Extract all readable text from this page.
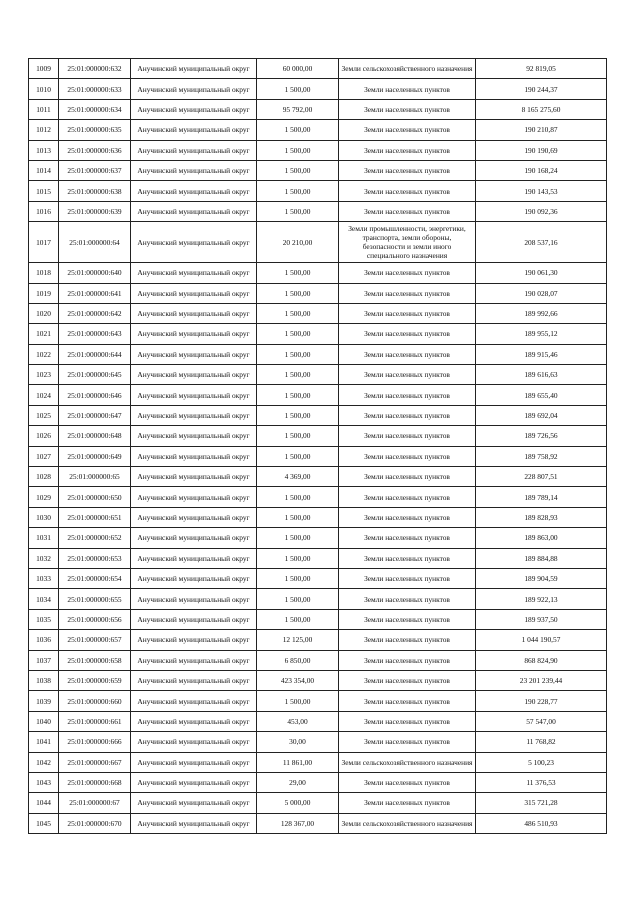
1009	25:01:000000:632	Анучинский муниципальный округ	60 000,00	Земли сельскохозяйственного назначения	92 819,05
1010	25:01:000000:633	Анучинский муниципальный округ	1 500,00	Земли населенных пунктов	190 244,37
1011	25:01:000000:634	Анучинский муниципальный округ	95 792,00	Земли населенных пунктов	8 165 275,60
1012	25:01:000000:635	Анучинский муниципальный округ	1 500,00	Земли населенных пунктов	190 210,87
1013	25:01:000000:636	Анучинский муниципальный округ	1 500,00	Земли населенных пунктов	190 190,69
1014	25:01:000000:637	Анучинский муниципальный округ	1 500,00	Земли населенных пунктов	190 168,24
1015	25:01:000000:638	Анучинский муниципальный округ	1 500,00	Земли населенных пунктов	190 143,53
1016	25:01:000000:639	Анучинский муниципальный округ	1 500,00	Земли населенных пунктов	190 092,36
1017	25:01:000000:64	Анучинский муниципальный округ	20 210,00	Земли промышленности, энергетики, транспорта, земли обороны, безопасности и земли иного специального назначения	208 537,16
1018	25:01:000000:640	Анучинский муниципальный округ	1 500,00	Земли населенных пунктов	190 061,30
1019	25:01:000000:641	Анучинский муниципальный округ	1 500,00	Земли населенных пунктов	190 028,07
1020	25:01:000000:642	Анучинский муниципальный округ	1 500,00	Земли населенных пунктов	189 992,66
1021	25:01:000000:643	Анучинский муниципальный округ	1 500,00	Земли населенных пунктов	189 955,12
1022	25:01:000000:644	Анучинский муниципальный округ	1 500,00	Земли населенных пунктов	189 915,46
1023	25:01:000000:645	Анучинский муниципальный округ	1 500,00	Земли населенных пунктов	189 616,63
1024	25:01:000000:646	Анучинский муниципальный округ	1 500,00	Земли населенных пунктов	189 655,40
1025	25:01:000000:647	Анучинский муниципальный округ	1 500,00	Земли населенных пунктов	189 692,04
1026	25:01:000000:648	Анучинский муниципальный округ	1 500,00	Земли населенных пунктов	189 726,56
1027	25:01:000000:649	Анучинский муниципальный округ	1 500,00	Земли населенных пунктов	189 758,92
1028	25:01:000000:65	Анучинский муниципальный округ	4 369,00	Земли населенных пунктов	228 807,51
1029	25:01:000000:650	Анучинский муниципальный округ	1 500,00	Земли населенных пунктов	189 789,14
1030	25:01:000000:651	Анучинский муниципальный округ	1 500,00	Земли населенных пунктов	189 828,93
1031	25:01:000000:652	Анучинский муниципальный округ	1 500,00	Земли населенных пунктов	189 863,00
1032	25:01:000000:653	Анучинский муниципальный округ	1 500,00	Земли населенных пунктов	189 884,88
1033	25:01:000000:654	Анучинский муниципальный округ	1 500,00	Земли населенных пунктов	189 904,59
1034	25:01:000000:655	Анучинский муниципальный округ	1 500,00	Земли населенных пунктов	189 922,13
1035	25:01:000000:656	Анучинский муниципальный округ	1 500,00	Земли населенных пунктов	189 937,50
1036	25:01:000000:657	Анучинский муниципальный округ	12 125,00	Земли населенных пунктов	1 044 190,57
1037	25:01:000000:658	Анучинский муниципальный округ	6 850,00	Земли населенных пунктов	868 824,90
1038	25:01:000000:659	Анучинский муниципальный округ	423 354,00	Земли населенных пунктов	23 201 239,44
1039	25:01:000000:660	Анучинский муниципальный округ	1 500,00	Земли населенных пунктов	190 228,77
1040	25:01:000000:661	Анучинский муниципальный округ	453,00	Земли населенных пунктов	57 547,00
1041	25:01:000000:666	Анучинский муниципальный округ	30,00	Земли населенных пунктов	11 768,82
1042	25:01:000000:667	Анучинский муниципальный округ	11 861,00	Земли сельскохозяйственного назначения	5 100,23
1043	25:01:000000:668	Анучинский муниципальный округ	29,00	Земли населенных пунктов	11 376,53
1044	25:01:000000:67	Анучинский муниципальный округ	5 000,00	Земли населенных пунктов	315 721,28
1045	25:01:000000:670	Анучинский муниципальный округ	128 367,00	Земли сельскохозяйственного назначения	486 510,93
